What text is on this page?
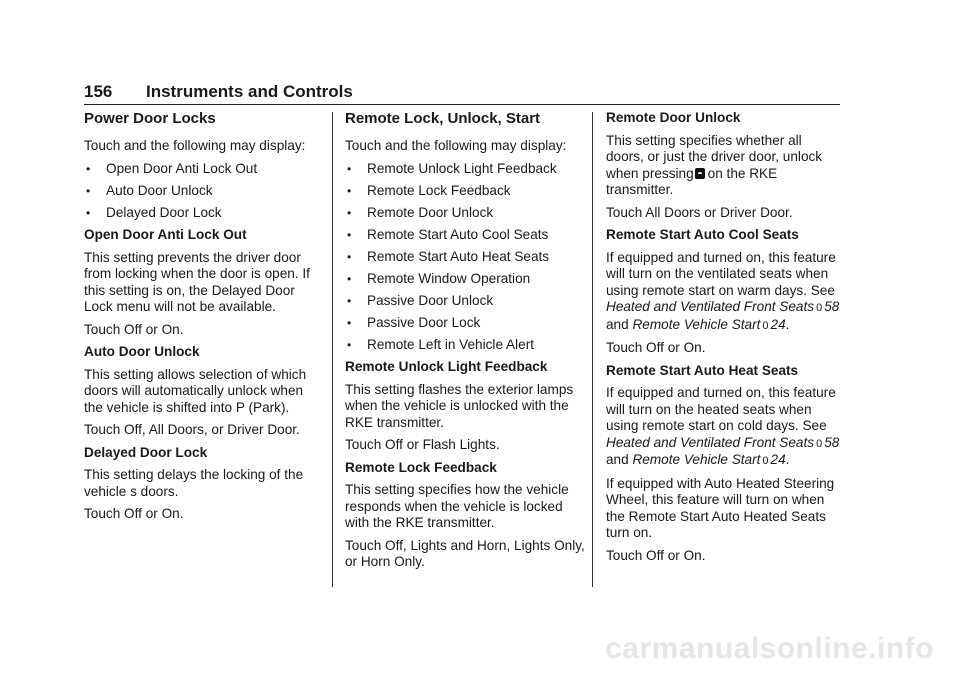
156 Instruments and Controls
Power Door Locks

Touch and the following may display:

• Open Door Anti Lock Out
• Auto Door Unlock
• Delayed Door Lock

Open Door Anti Lock Out

This setting prevents the driver door from locking when the door is open. If this setting is on, the Delayed Door Lock menu will not be available.

Touch Off or On.

Auto Door Unlock

This setting allows selection of which doors will automatically unlock when the vehicle is shifted into P (Park).

Touch Off, All Doors, or Driver Door.

Delayed Door Lock

This setting delays the locking of the vehicle s doors.

Touch Off or On.

Remote Lock, Unlock, Start

Touch and the following may display:

• Remote Unlock Light Feedback
• Remote Lock Feedback
• Remote Door Unlock
• Remote Start Auto Cool Seats
• Remote Start Auto Heat Seats
• Remote Window Operation
• Passive Door Unlock
• Passive Door Lock
• Remote Left in Vehicle Alert

Remote Unlock Light Feedback

This setting flashes the exterior lamps when the vehicle is unlocked with the RKE transmitter.

Touch Off or Flash Lights.

Remote Lock Feedback

This setting specifies how the vehicle responds when the vehicle is locked with the RKE transmitter.

Touch Off, Lights and Horn, Lights Only, or Horn Only.

Remote Door Unlock

This setting specifies whether all doors, or just the driver door, unlock when pressing on the RKE transmitter.

Touch All Doors or Driver Door.

Remote Start Auto Cool Seats

If equipped and turned on, this feature will turn on the ventilated seats when using remote start on warm days. See Heated and Ventilated Front Seats 0 58 and Remote Vehicle Start 0 24.

Touch Off or On.

Remote Start Auto Heat Seats

If equipped and turned on, this feature will turn on the heated seats when using remote start on cold days. See Heated and Ventilated Front Seats 0 58 and Remote Vehicle Start 0 24.

If equipped with Auto Heated Steering Wheel, this feature will turn on when the Remote Start Auto Heated Seats turn on.

Touch Off or On.

carmanualsonline.info
